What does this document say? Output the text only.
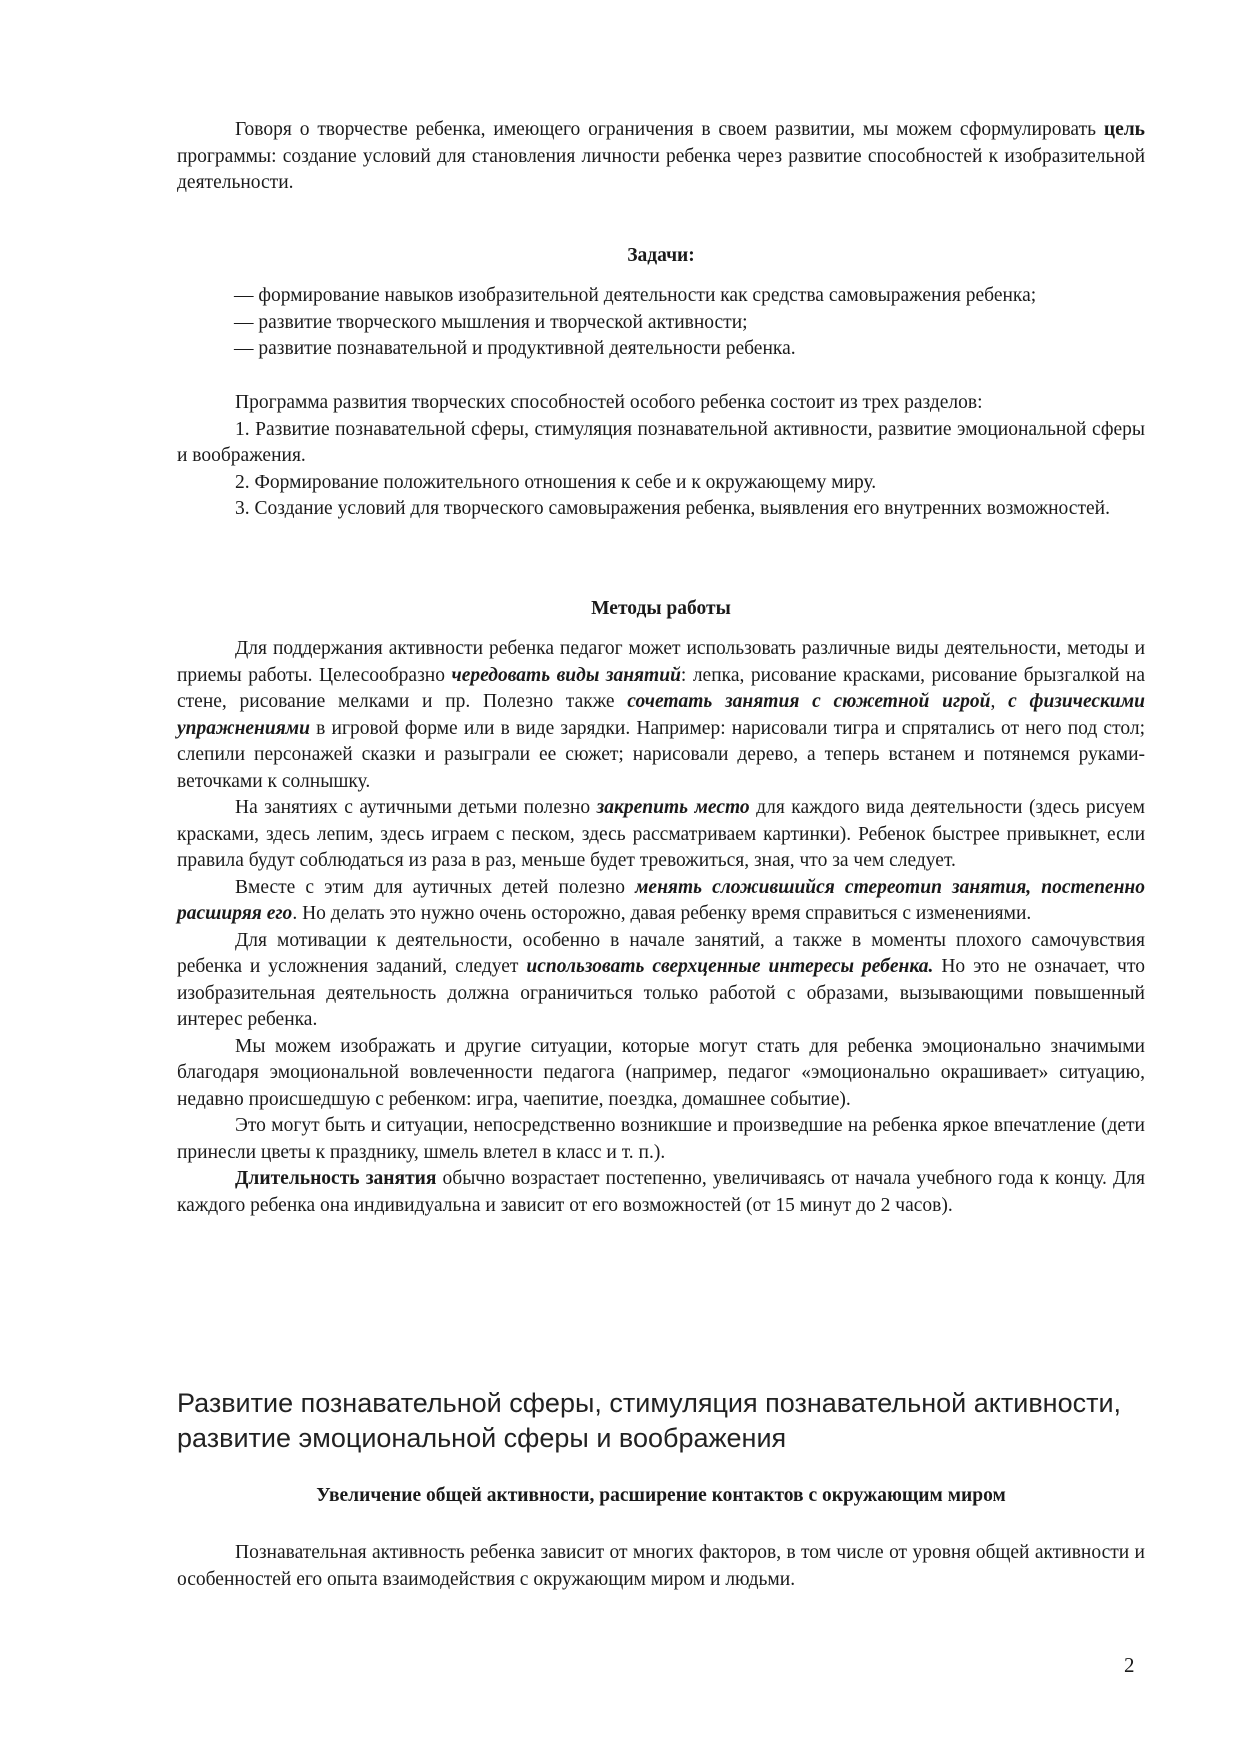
Говоря о творчестве ребенка, имеющего ограничения в своем развитии, мы можем сформулировать цель программы: создание условий для становления личности ребенка через развитие способностей к изобразительной деятельности.

Задачи:

— формирование навыков изобразительной деятельности как средства самовыражения ребенка;

— развитие творческого мышления и творческой активности;

— развитие познавательной и продуктивной деятельности ребенка.

Программа развития творческих способностей особого ребенка состоит из трех разделов:

1. Развитие познавательной сферы, стимуляция познавательной активности, развитие эмоциональной сферы и воображения.

2. Формирование положительного отношения к себе и к окружающему миру.

3. Создание условий для творческого самовыражения ребенка, выявления его внутренних возможностей.

Методы работы

Для поддержания активности ребенка педагог может использовать различные виды деятельности, методы и приемы работы. Целесообразно чередовать виды занятий: лепка, рисование красками, рисование брызгалкой на стене, рисование мелками и пр. Полезно также сочетать занятия с сюжетной игрой, с физическими упражнениями в игровой форме или в виде зарядки. Например: нарисовали тигра и спрятались от него под стол; слепили персонажей сказки и разыграли ее сюжет; нарисовали дерево, а теперь встанем и потянемся руками-веточками к солнышку.

На занятиях с аутичными детьми полезно закрепить место для каждого вида деятельности (здесь рисуем красками, здесь лепим, здесь играем с песком, здесь рассматриваем картинки). Ребенок быстрее привыкнет, если правила будут соблюдаться из раза в раз, меньше будет тревожиться, зная, что за чем следует.

Вместе с этим для аутичных детей полезно менять сложившийся стереотип занятия, постепенно расширяя его. Но делать это нужно очень осторожно, давая ребенку время справиться с изменениями.

Для мотивации к деятельности, особенно в начале занятий, а также в моменты плохого самочувствия ребенка и усложнения заданий, следует использовать сверхценные интересы ребенка. Но это не означает, что изобразительная деятельность должна ограничиться только работой с образами, вызывающими повышенный интерес ребенка.

Мы можем изображать и другие ситуации, которые могут стать для ребенка эмоционально значимыми благодаря эмоциональной вовлеченности педагога (например, педагог «эмоционально окрашивает» ситуацию, недавно происшедшую с ребенком: игра, чаепитие, поездка, домашнее событие).

Это могут быть и ситуации, непосредственно возникшие и произведшие на ребенка яркое впечатление (дети принесли цветы к празднику, шмель влетел в класс и т. п.).

Длительность занятия обычно возрастает постепенно, увеличиваясь от начала учебного года к концу. Для каждого ребенка она индивидуальна и зависит от его возможностей (от 15 минут до 2 часов).

Развитие познавательной сферы, стимуляция познавательной активности,
развитие эмоциональной сферы и воображения

Увеличение общей активности, расширение контактов с окружающим миром

Познавательная активность ребенка зависит от многих факторов, в том числе от уровня общей активности и особенностей его опыта взаимодействия с окружающим миром и людьми.

2
